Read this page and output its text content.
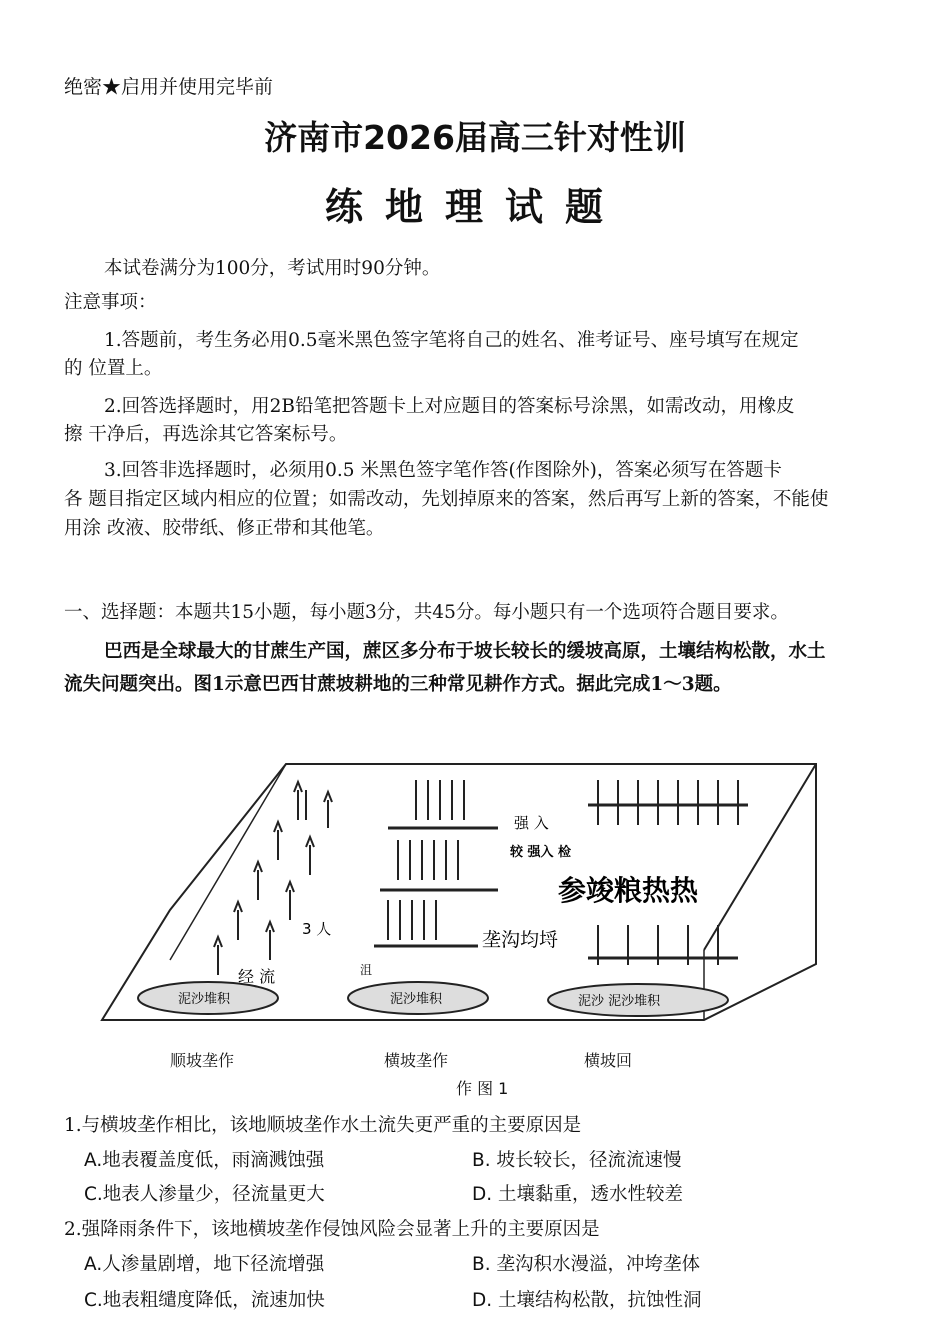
绝密★启用并使用完毕前
济南市2026届高三针对性训
练地理试题
本试卷满分为100分，考试用时90分钟。
注意事项：
1.答题前，考生务必用0.5毫米黑色签字笔将自己的姓名、准考证号、座号填写在规定
的 位置上。
2.回答选择题时，用2B铅笔把答题卡上对应题目的答案标号涂黑，如需改动，用橡皮
擦 干净后，再选涂其它答案标号。
3.回答非选择题时，必须用0.5 米黑色签字笔作答(作图除外)，答案必须写在答题卡
各 题目指定区域内相应的位置；如需改动，先划掉原来的答案，然后再写上新的答案，不能使
用涂 改液、胶带纸、修正带和其他笔。
一、选择题：本题共15小题，每小题3分，共45分。每小题只有一个选项符合题目要求。
巴西是全球最大的甘蔗生产国，蔗区多分布于坡长较长的缓坡高原，土壤结构松散，水土
流失问题突出。图1示意巴西甘蔗坡耕地的三种常见耕作方式。据此完成1～3题。
强 入
较 强入 检
参竣粮热热
垄沟均埒
3 人
经 流	沮
泥沙堆积	泥沙堆积	泥沙 泥沙堆积
顺坡垄作	横坡垄作	横坡回
作 图 1
1.与横坡垄作相比，该地顺坡垄作水土流失更严重的主要原因是
A.地表覆盖度低，雨滴溅蚀强	B. 坡长较长，径流流速慢
C.地表人渗量少，径流量更大	D. 土壤黏重，透水性较差
2.强降雨条件下，该地横坡垄作侵蚀风险会显著上升的主要原因是
A.人渗量剧增，地下径流增强	B. 垄沟积水漫溢，冲垮垄体
C.地表粗缱度降低，流速加快	D. 土壤结构松散，抗蚀性洞
